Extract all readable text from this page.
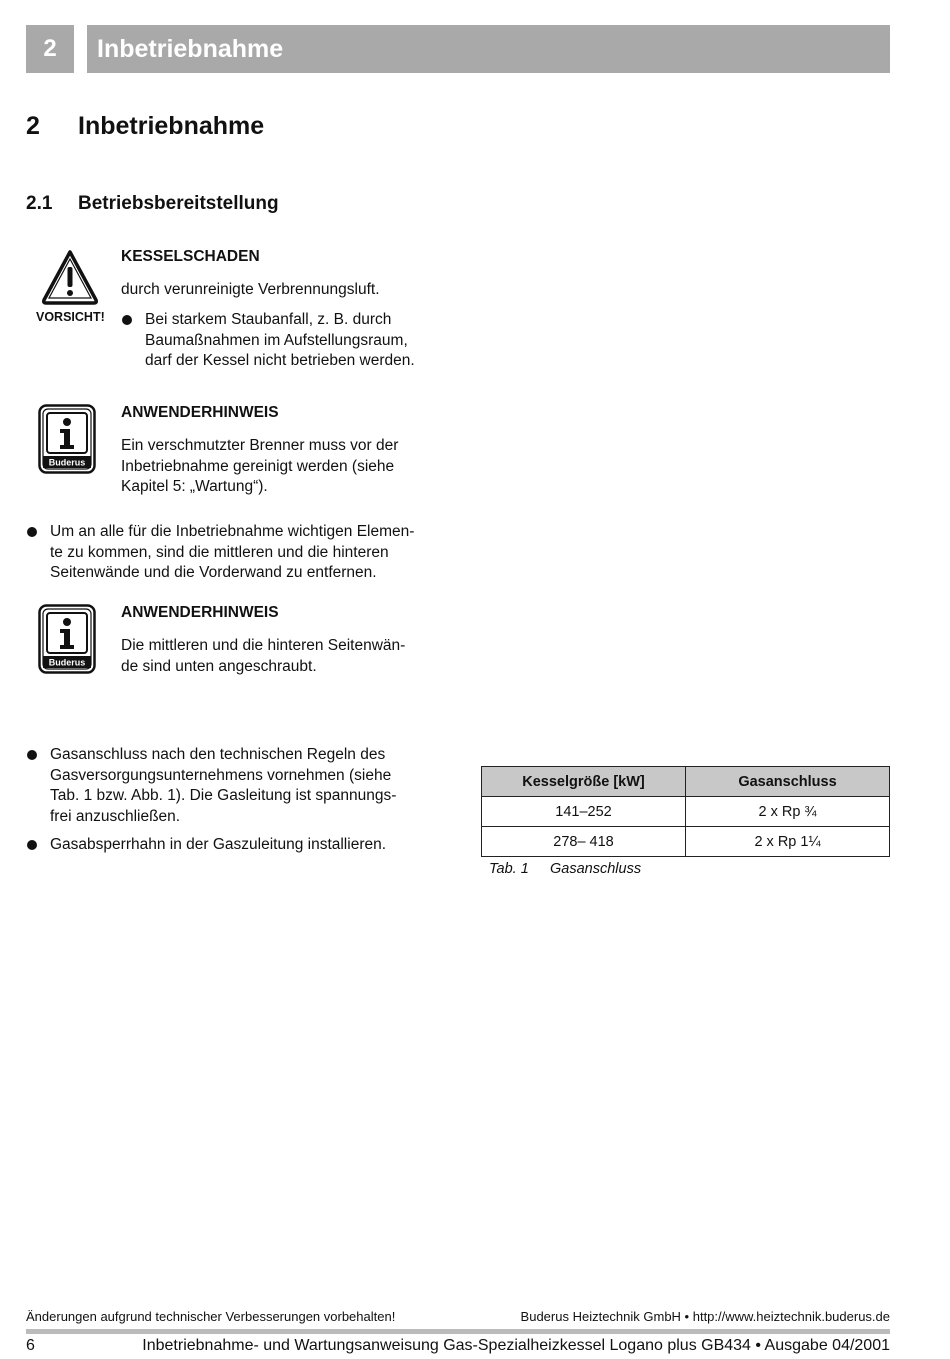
2	Inbetriebnahme
2 Inbetriebnahme
2.1 Betriebsbereitstellung
VORSICHT!
KESSELSCHADEN
durch verunreinigte Verbrennungsluft.
Bei starkem Staubanfall, z. B. durch
Baumaßnahmen im Aufstellungsraum,
darf der Kessel nicht betrieben werden.
Buderus
ANWENDERHINWEIS
Ein verschmutzter Brenner muss vor der
Inbetriebnahme gereinigt werden (siehe
Kapitel 5: „Wartung“).
Um an alle für die Inbetriebnahme wichtigen Elemen-
te zu kommen, sind die mittleren und die hinteren
Seitenwände und die Vorderwand zu entfernen.
Buderus
ANWENDERHINWEIS
Die mittleren und die hinteren Seitenwän-
de sind unten angeschraubt.
Gasanschluss nach den technischen Regeln des
Gasversorgungsunternehmens vornehmen (siehe
Tab. 1 bzw. Abb. 1). Die Gasleitung ist spannungs-
frei anzuschließen.
Gasabsperrhahn in der Gaszuleitung installieren.
Kesselgröße [kW]	Gasanschluss
141–252	2 x Rp ¾
278– 418	2 x Rp 1¼
Tab. 1 Gasanschluss
Änderungen aufgrund technischer Verbesserungen vorbehalten!	Buderus Heiztechnik GmbH • http://www.heiztechnik.buderus.de
6	Inbetriebnahme- und Wartungsanweisung Gas-Spezialheizkessel Logano plus GB434 • Ausgabe 04/2001
